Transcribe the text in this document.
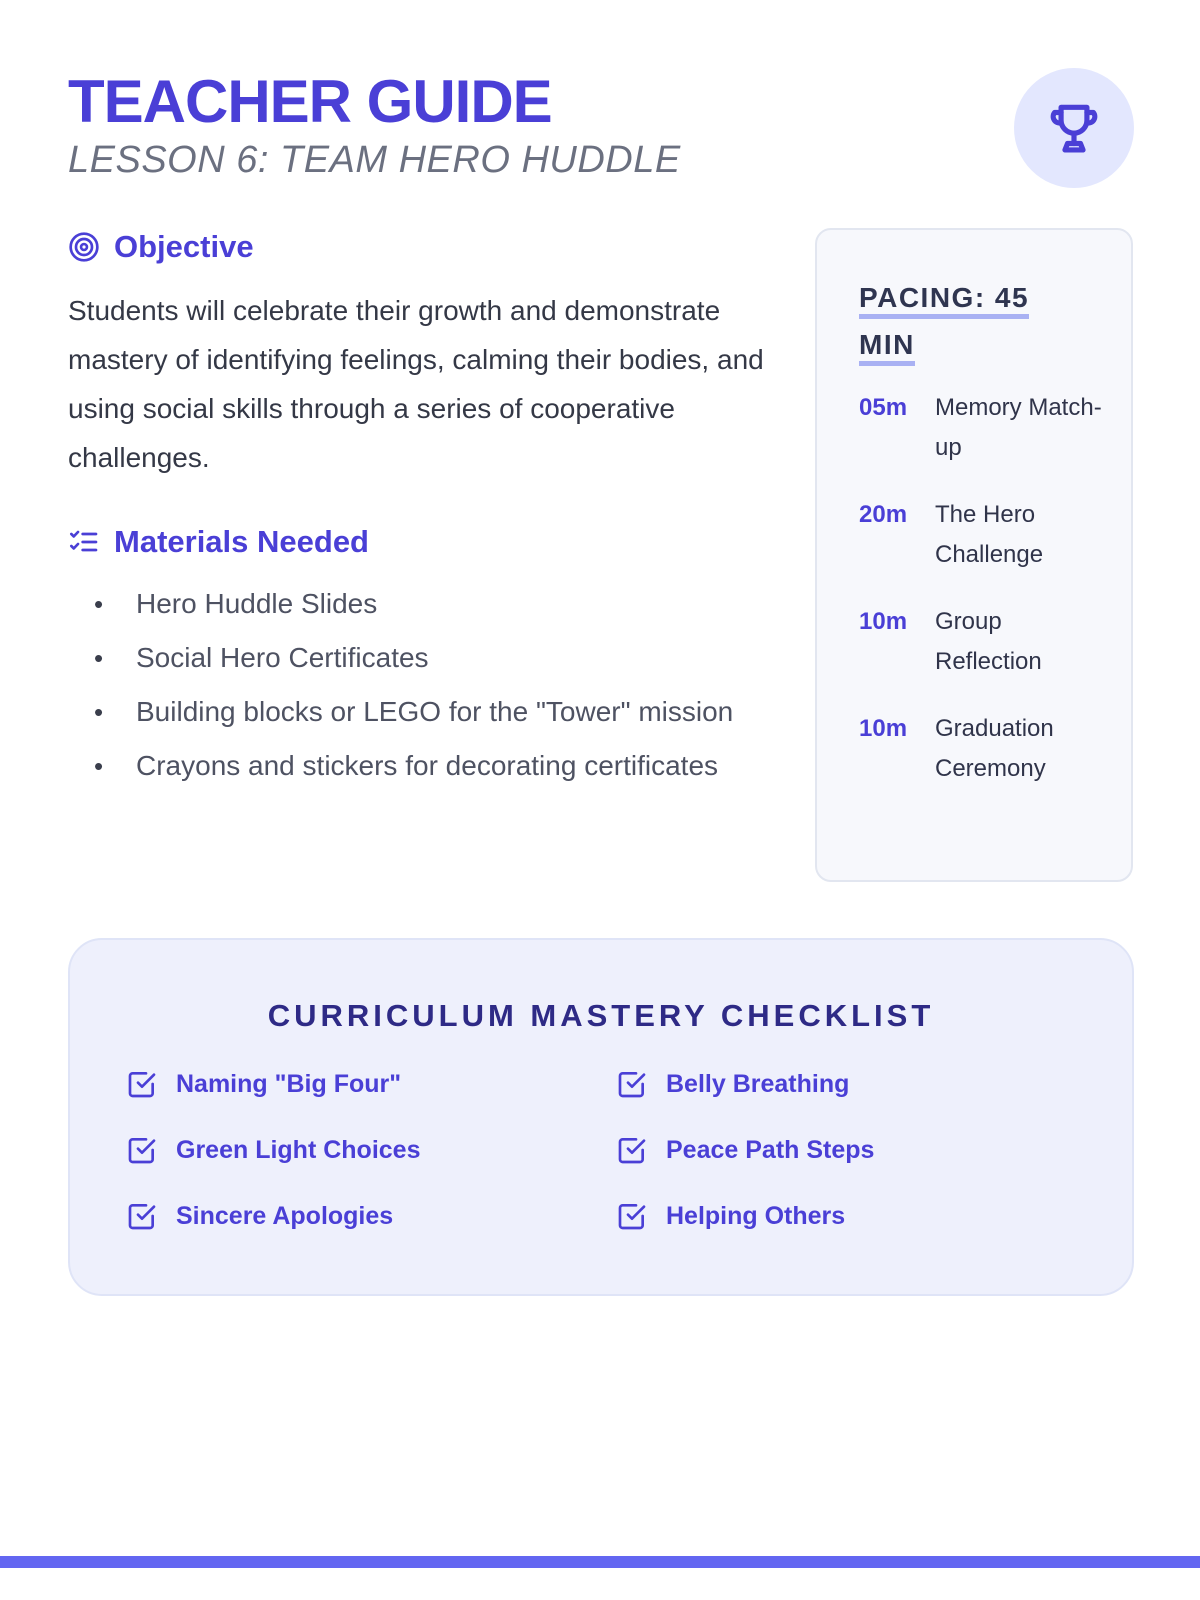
TEACHER GUIDE
LESSON 6: TEAM HERO HUDDLE
Objective

Students will celebrate their growth and demonstrate mastery of identifying feelings, calming their bodies, and using social skills through a series of cooperative challenges.

Materials Needed
• Hero Huddle Slides
• Social Hero Certificates
• Building blocks or LEGO for the "Tower" mission
• Crayons and stickers for decorating certificates
PACING: 45
MIN
05m	Memory Match-up
20m	The Hero Challenge
10m	Group Reflection
10m	Graduation Ceremony
CURRICULUM MASTERY CHECKLIST
Naming "Big Four"	Belly Breathing
Green Light Choices	Peace Path Steps
Sincere Apologies	Helping Others
